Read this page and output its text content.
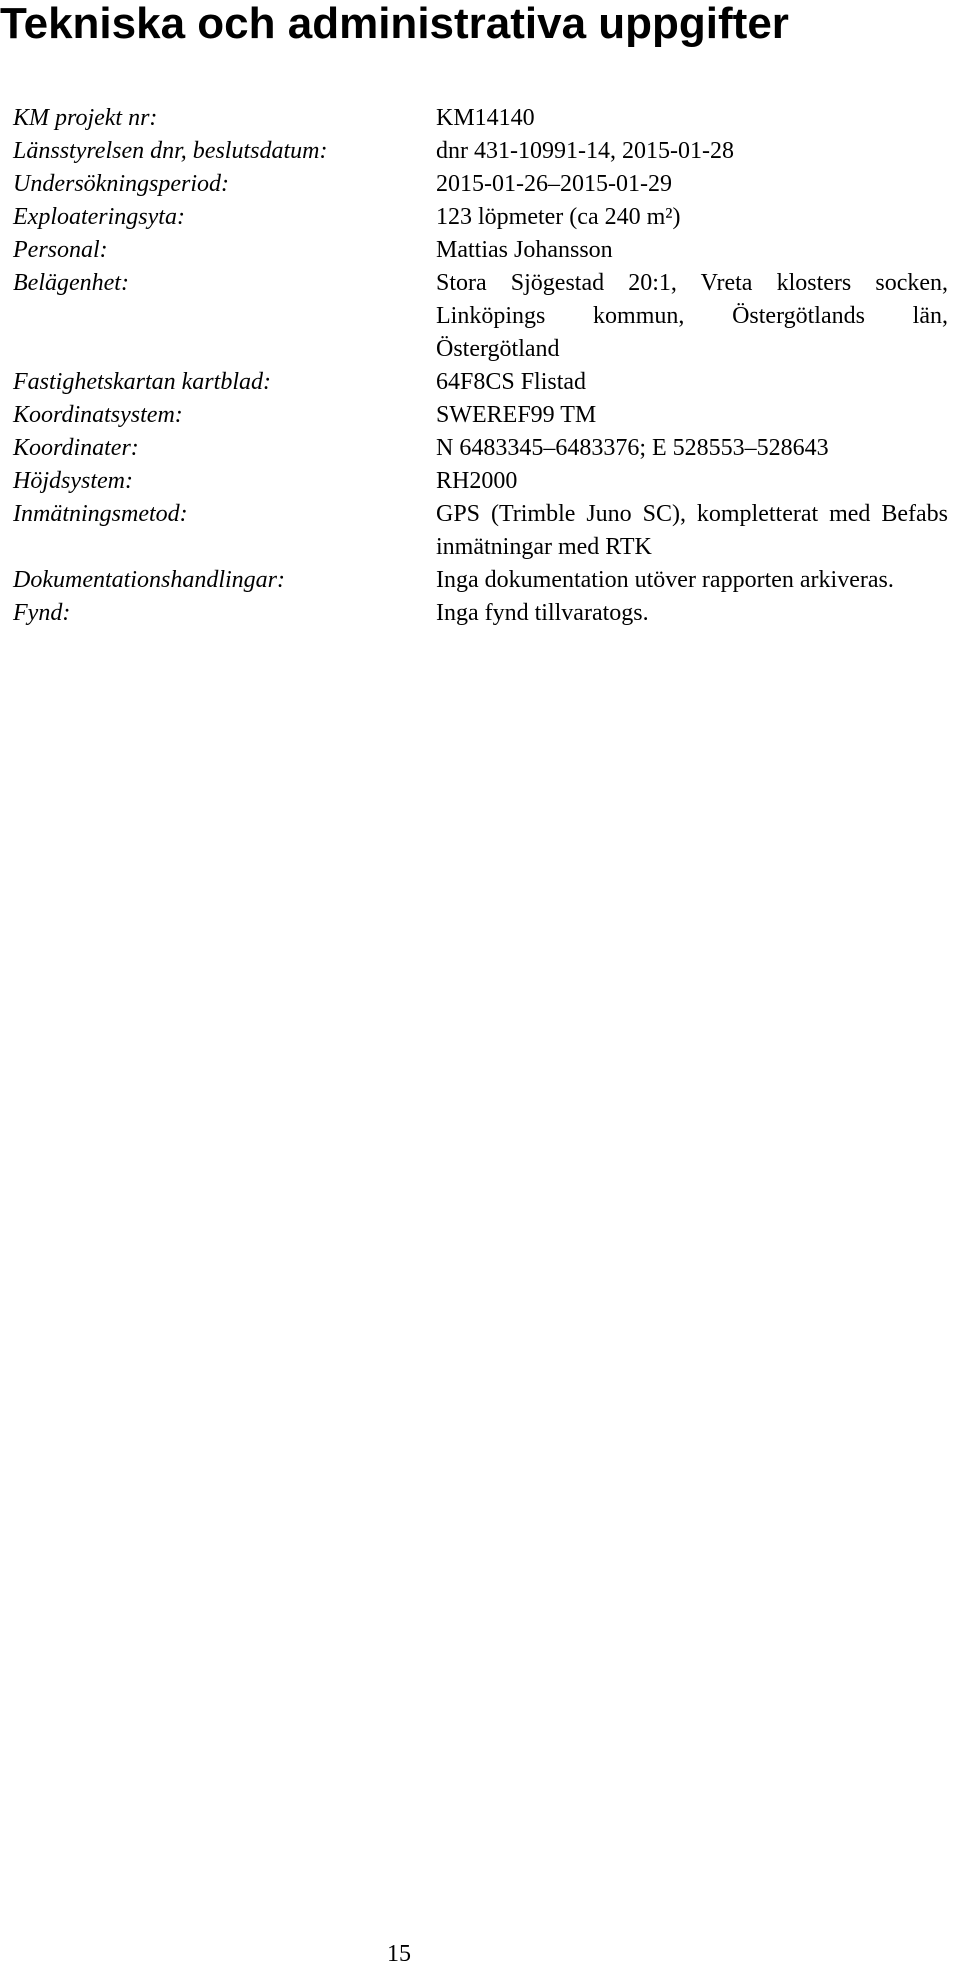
Tekniska och administrativa uppgifter
KM projekt nr:	KM14140
Länsstyrelsen dnr, beslutsdatum:	dnr 431-10991-14, 2015-01-28
Undersökningsperiod:	2015-01-26–2015-01-29
Exploateringsyta:	123 löpmeter (ca 240 m²)
Personal:	Mattias Johansson
Belägenhet:	Stora Sjögestad 20:1, Vreta klosters socken, Linköpings kommun, Östergötlands län, Östergötland
Fastighetskartan kartblad:	64F8CS Flistad
Koordinatsystem:	SWEREF99 TM
Koordinater:	N 6483345–6483376; E 528553–528643
Höjdsystem:	RH2000
Inmätningsmetod:	GPS (Trimble Juno SC), kompletterat med Befabs inmätningar med RTK
Dokumentationshandlingar:	Inga dokumentation utöver rapporten arkiveras.
Fynd:	Inga fynd tillvaratogs.
15
